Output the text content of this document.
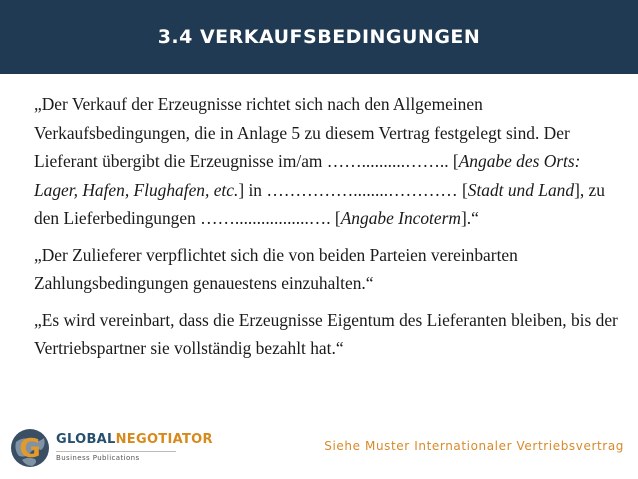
3.4 VERKAUFSBEDINGUNGEN

„Der Verkauf der Erzeugnisse richtet sich nach den Allgemeinen Verkaufsbedingungen, die in Anlage 5 zu diesem Vertrag festgelegt sind. Der Lieferant übergibt die Erzeugnisse im/am ……..........…….. [Angabe des Orts: Lager, Hafen, Flughafen, etc.] in ……………........………… [Stadt und Land], zu den Lieferbedingungen …….................…. [Angabe Incoterm].“

„Der Zulieferer verpflichtet sich die von beiden Parteien vereinbarten Zahlungsbedingungen genauestens einzuhalten.“

„Es wird vereinbart, dass die Erzeugnisse Eigentum des Lieferanten bleiben, bis der Vertriebspartner sie vollständig bezahlt hat.“

G GLOBALNEGOTIATOR
Business Publications
Siehe Muster Internationaler Vertriebsvertrag
